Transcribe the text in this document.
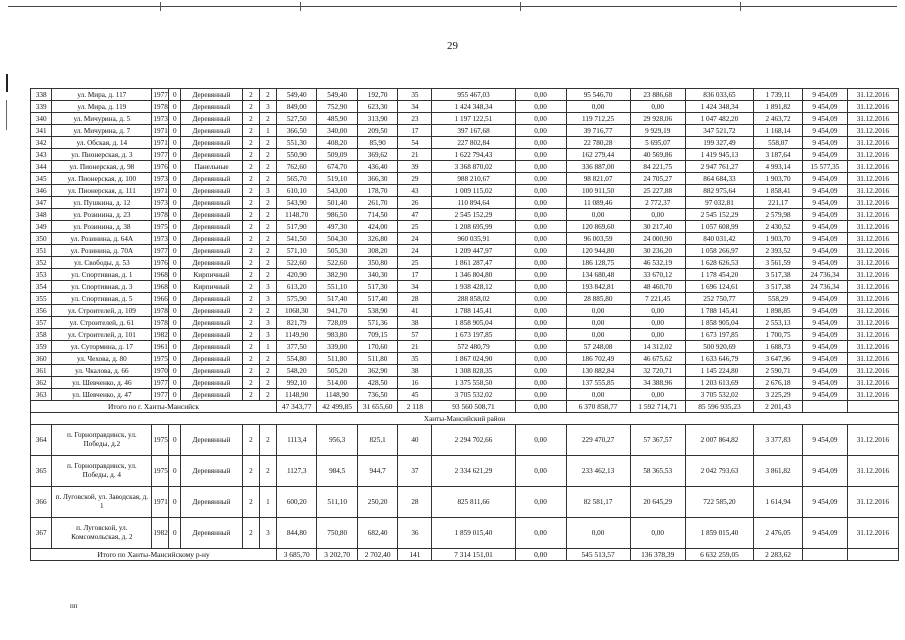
29
338	ул. Мира, д. 117	1977	0	Деревянный	2	2	549,40	549,40	192,70	35	955 467,03	0,00	95 546,70	23 886,68	836 033,65	1 739,11	9 454,09	31.12.2016
339	ул. Мира, д. 119	1978	0	Деревянный	2	3	849,00	752,90	623,30	34	1 424 348,34	0,00	0,00	0,00	1 424 348,34	1 891,82	9 454,09	31.12.2016
340	ул. Мичурина, д. 5	1973	0	Деревянный	2	2	527,50	485,90	313,90	23	1 197 122,51	0,00	119 712,25	29 928,06	1 047 482,20	2 463,72	9 454,09	31.12.2016
341	ул. Мичурина, д. 7	1971	0	Деревянный	2	1	366,50	340,00	209,50	17	397 167,68	0,00	39 716,77	9 929,19	347 521,72	1 168,14	9 454,09	31.12.2016
342	ул. Обская, д. 14	1971	0	Деревянный	2	2	551,30	408,20	85,90	54	227 802,84	0,00	22 780,28	5 695,07	199 327,49	558,07	9 454,09	31.12.2016
343	ул. Пионерская, д. 3	1977	0	Деревянный	2	2	550,90	509,09	369,62	21	1 622 794,43	0,00	162 279,44	40 569,86	1 419 945,13	3 187,64	9 454,09	31.12.2016
344	ул. Пионерская, д. 98	1976	0	Панельные	2	2	762,60	674,70	436,40	39	3 368 870,02	0,00	336 887,00	84 221,75	2 947 761,27	4 993,14	15 577,35	31.12.2016
345	ул. Пионерская, д. 100	1973	0	Деревянный	2	2	565,70	519,10	366,30	29	988 210,67	0,00	98 821,07	24 705,27	864 684,33	1 903,70	9 454,09	31.12.2016
346	ул. Пионерская, д. 111	1971	0	Деревянный	2	3	610,10	543,00	178,70	43	1 009 115,02	0,00	100 911,50	25 227,88	882 975,64	1 858,41	9 454,09	31.12.2016
347	ул. Пушкина, д. 12	1973	0	Деревянный	2	2	543,90	501,40	261,70	26	110 894,64	0,00	11 089,46	2 772,37	97 032,81	221,17	9 454,09	31.12.2016
348	ул. Розинина, д. 23	1978	0	Деревянный	2	2	1148,70	986,50	714,50	47	2 545 152,29	0,00	0,00	0,00	2 545 152,29	2 579,98	9 454,09	31.12.2016
349	ул. Розинина, д. 38	1975	0	Деревянный	2	2	517,90	497,30	424,00	25	1 208 695,99	0,00	120 869,60	30 217,40	1 057 608,99	2 430,52	9 454,09	31.12.2016
350	ул. Розинина, д. 64А	1973	0	Деревянный	2	2	541,50	504,30	326,80	24	960 035,91	0,00	96 003,59	24 000,90	840 031,42	1 903,70	9 454,09	31.12.2016
351	ул. Розинина, д. 70А	1977	0	Деревянный	2	2	571,10	505,30	308,20	24	1 209 447,97	0,00	120 944,80	30 236,20	1 058 266,97	2 393,52	9 454,09	31.12.2016
352	ул. Свободы, д. 53	1976	0	Деревянный	2	2	522,60	522,60	350,80	25	1 861 287,47	0,00	186 128,75	46 532,19	1 628 626,53	3 561,59	9 454,09	31.12.2016
353	ул. Спортивная, д. 1	1968	0	Кирпичный	2	2	420,90	382,90	340,30	17	1 346 804,80	0,00	134 680,48	33 670,12	1 178 454,20	3 517,38	24 736,34	31.12.2016
354	ул. Спортивная, д. 3	1968	0	Кирпичный	2	3	613,20	551,10	517,30	34	1 938 428,12	0,00	193 842,81	48 460,70	1 696 124,61	3 517,38	24 736,34	31.12.2016
355	ул. Спортивная, д. 5	1966	0	Деревянный	2	3	575,90	517,40	517,40	28	288 858,02	0,00	28 885,80	7 221,45	252 750,77	558,29	9 454,09	31.12.2016
356	ул. Строителей, д. 109	1978	0	Деревянный	2	2	1068,30	941,70	538,90	41	1 788 145,41	0,00	0,00	0,00	1 788 145,41	1 898,85	9 454,09	31.12.2016
357	ул. Строителей, д. 61	1978	0	Деревянный	2	3	821,79	728,09	571,36	38	1 858 905,04	0,00	0,00	0,00	1 858 905,04	2 553,13	9 454,09	31.12.2016
358	ул. Строителей, д. 101	1982	0	Деревянный	2	3	1149,90	983,80	709,15	57	1 673 197,85	0,00	0,00	0,00	1 673 197,85	1 700,75	9 454,09	31.12.2016
359	ул. Сутормина, д. 17	1961	0	Деревянный	2	1	377,50	339,00	170,60	21	572 480,79	0,00	57 248,08	14 312,02	500 920,69	1 688,73	9 454,09	31.12.2016
360	ул. Чехова, д. 80	1975	0	Деревянный	2	2	554,80	511,80	511,80	35	1 867 024,90	0,00	186 702,49	46 675,62	1 633 646,79	3 647,96	9 454,09	31.12.2016
361	ул. Чкалова, д. 66	1970	0	Деревянный	2	2	548,20	505,20	362,90	38	1 308 828,35	0,00	130 882,84	32 720,71	1 145 224,80	2 590,71	9 454,09	31.12.2016
362	ул. Шевченко, д. 46	1977	0	Деревянный	2	2	992,10	514,00	428,50	16	1 375 558,50	0,00	137 555,85	34 388,96	1 203 613,69	2 676,18	9 454,09	31.12.2016
363	ул. Шевченко, д. 47	1977	0	Деревянный	2	2	1148,90	1148,90	736,50	45	3 705 532,02	0,00	0,00	0,00	3 705 532,02	3 225,29	9 454,09	31.12.2016
Итого по г. Ханты-Мансийск							47 343,77	42 499,85	31 655,60	2 118	93 560 508,71	0,00	6 370 858,77	1 592 714,71	85 596 935,23	2 201,43		
Ханты-Мансийский район																		
364	п. Горноправдинск, ул. Победы, д.2	1975	0	Деревянный	2	2	1113,4	956,3	825,1	40	2 294 702,66	0,00	229 470,27	57 367,57	2 007 864,82	3 377,83	9 454,09	31.12.2016
365	п. Горноправдинск, ул. Победы, д. 4	1975	0	Деревянный	2	2	1127,3	984,5	944,7	37	2 334 621,29	0,00	233 462,13	58 365,53	2 042 793,63	3 861,82	9 454,09	31.12.2016
366	п. Луговской, ул. Заводская, д. 1	1971	0	Деревянный	2	1	600,20	511,10	250,20	28	825 811,66	0,00	82 581,17	20 645,29	722 585,20	1 614,94	9 454,09	31.12.2016
367	п. Луговской, ул. Комсомольская, д. 2	1982	0	Деревянный	2	3	844,80	750,80	682,40	36	1 859 015,40	0,00	0,00	0,00	1 859 015,40	2 476,05	9 454,09	31.12.2016
Итого по Ханты-Мансийскому р-ну							3 685,70	3 202,70	2 702,40	141	7 314 151,01	0,00	545 513,57	136 378,39	6 632 259,05	2 283,62		
пп
